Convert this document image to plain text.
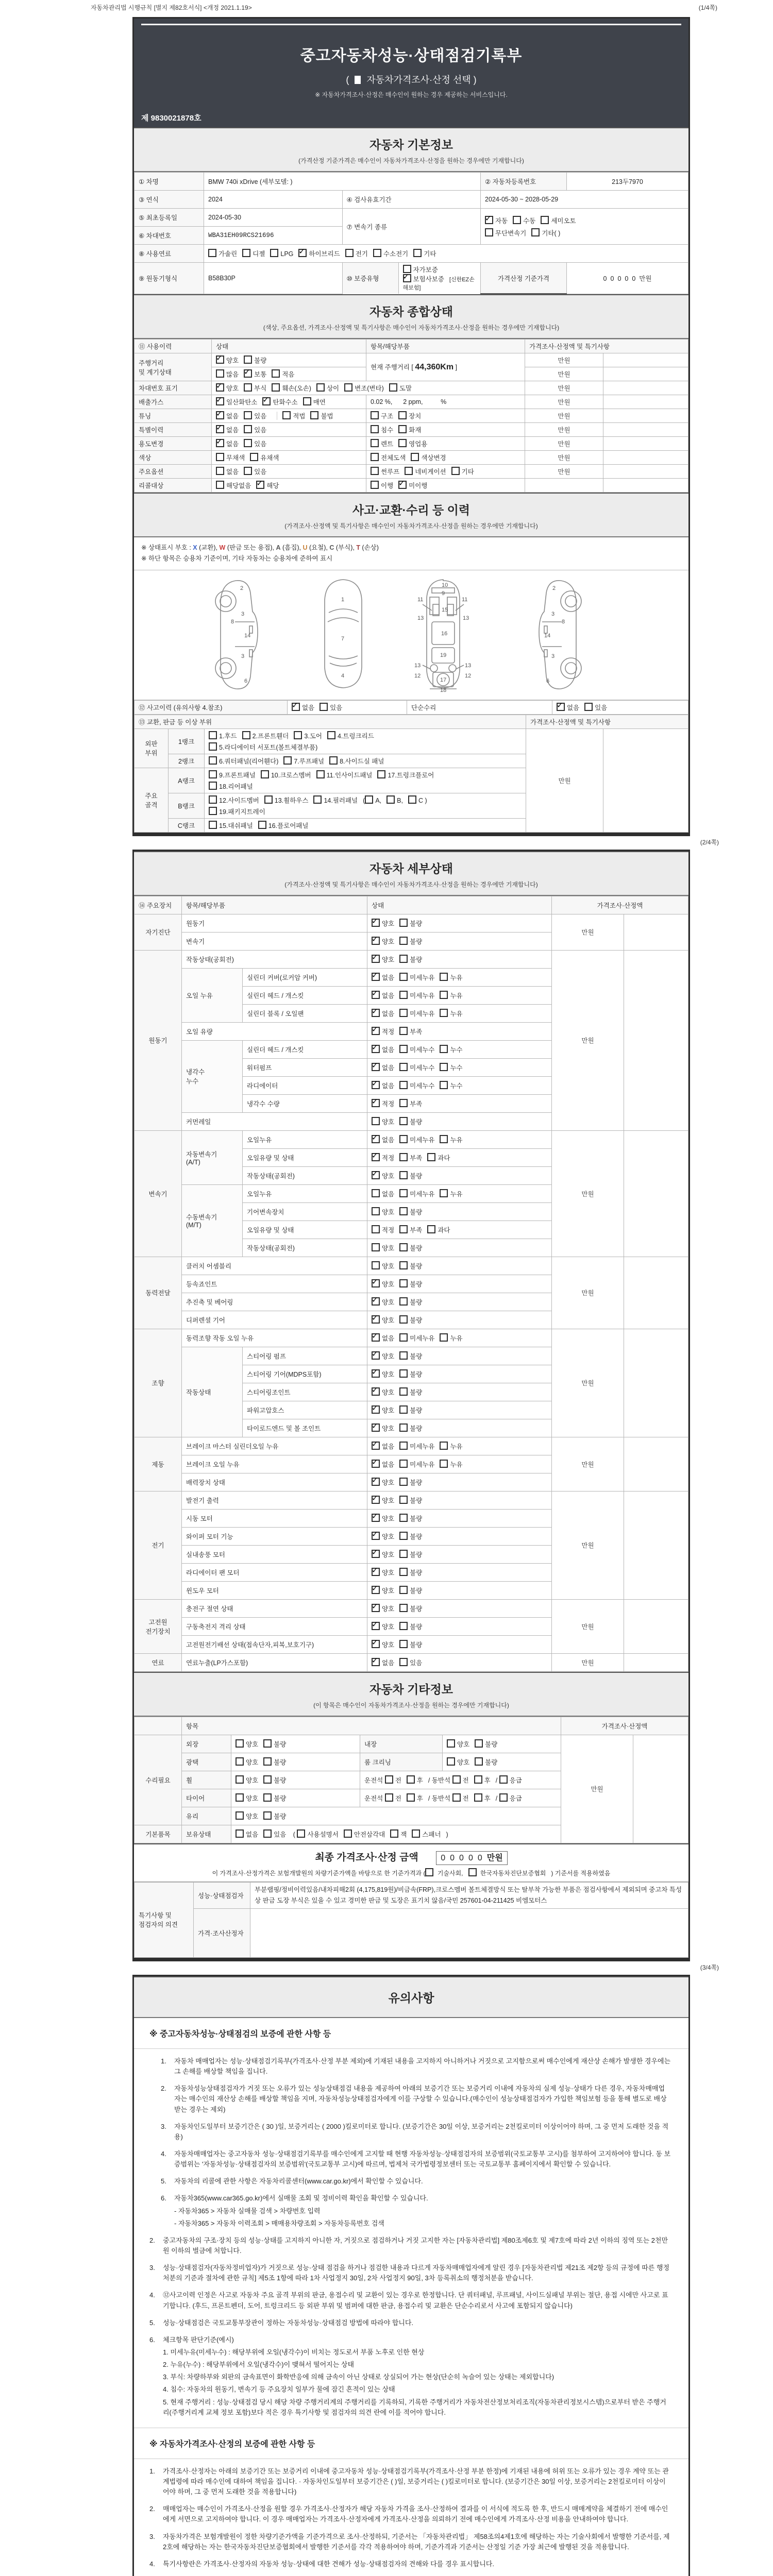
자동차관리법 시행규칙 [별지 제82호서식] <개정 2021.1.19>	(1/4쪽)
중고자동차성능·상태점검기록부
(  자동차가격조사·산정 선택 )
※ 자동차가격조사·산정은 매수인이 원하는 경우 제공하는 서비스입니다.
제 9830021878호
자동차 기본정보
(가격산정 기준가격은 매수인이 자동차가격조사·산정을 원하는 경우에만 기재합니다)
① 차명	BMW 740i xDrive (세부모델: )	② 자동차등록번호	213두7970
③ 연식	2024	④ 검사유효기간	2024-05-30 ~ 2028-05-29
⑤ 최초등록일	2024-05-30	⑦ 변속기 종류	
✓자동 수동 세미오토
무단변속기 기타( )

⑥ 차대번호	WBA31EH09RCS21696
⑧ 사용연료	가솔린 디젤 LPG ✓ 하이브리드 전기 수소전기 기타
⑨ 원동기형식	B58B30P		⑩ 보증유형	자가보증✓보험사보증 [신한EZ손해보험]
	가격산정 기준가격	0 0 0 0 0 만원
자동차 종합상태
(색상, 주요옵션, 가격조사·산정액 및 특기사항은 매수인이 자동차가격조사·산정을 원하는 경우에만 기재합니다)
⑪ 사용이력	상태	항목/해당부품	가격조사·산정액 및 특기사항	
주행거리
및 계기상태	✓양호 불량	현재 주행거리 [ 44,360Km ]	만원	
	많음 ✓ 보통 적음		만원	
차대번호 표기	✓양호 부식 훼손(오손) 상이 변조(변타) 도말		만원	
배출가스	✓일산화탄소 ✓ 탄화수소 매연	0.02 %,      2 ppm,          %	만원	
튜닝	✓없음 있음 적법 불법	구조 장치	만원	
특별이력	✓없음 있음	침수 화재	만원	
용도변경	✓없음 있음	렌트 영업용	만원	
색상	무채색 유채색	전체도색 색상변경	만원	
주요옵션	없음 있음	썬루프 네비게이션 기타	만원	
리콜대상	해당없음 ✓ 해당	이행 ✓ 미이행		
사고·교환·수리 등 이력
(가격조사·산정액 및 특기사항은 매수인이 자동차가격조사·산정을 원하는 경우에만 기재합니다)
※ 상태표시 부호 : X (교환), W (판금 또는 용접), A (흠집), U (요철), C (부식), T (손상)
※ 하단 항목은 승용차 기준이며, 기타 자동차는 승용차에 준하여 표시
2
8
3
14
3
6
1
7
4
11	11
9
10
13	13
15
16
19
13	13
12	12
17
18
2
8
3
14
3
6
⑫ 사고이력 (유의사항 4.참조)	✓없음 있음	단순수리	✓없음 있음
⑬ 교환, 판금 등 이상 부위			가격조사·산정액 및 특기사항	
외판
부위	1랭크	
1.후드 2.프론트휀더 3.도어 4.트렁크리드
5.라디에이터 서포트(볼트체결부품)
	만원	
	2랭크	6.쿼터패널(리어휀다) 7.루프패널 8.사이드실 패널		

주요
골격	A랭크	
9.프론트패널 10.크로스멤버 11.인사이드패널 17.트렁크플로어
18.리어패널

	B랭크	12.사이드멤버 13.휠하우스 14.필러패널 ( A, B, C )
19.패키지트레이		

	C랭크	15.대쉬패널 16.플로어패널		
(2/4쪽)
자동차 세부상태
(가격조사·산정액 및 특기사항은 매수인이 자동차가격조사·산정을 원하는 경우에만 기재합니다)
⑭ 주요장치	항목/해당부품		상태	가격조사·산정액	
자기진단	원동기	✓양호 불량	만원	
	변속기	✓양호 불량
원동기	작동상태(공회전)	✓양호 불량	만원	
	오일 누유	실린더 커버(로커암 커버)	✓없음 미세누유 누유
		실린더 헤드 / 개스킷	✓없음 미세누유 누유
		실린더 블록 / 오일팬	✓없음 미세누유 누유
	오일 유량	✓적정 부족
	냉각수
누수	실린더 헤드 / 개스킷	✓없음 미세누수 누수
		워터펌프	✓없음 미세누수 누수
		라디에이터	✓없음 미세누수 누수
		냉각수 수량	✓적정 부족
	커먼레일		양호 불량		
변속기	자동변속기
(A/T)	오일누유	✓없음 미세누유 누유	만원	
		오일유량 및 상태	✓적정 부족 과다
		작동상태(공회전)	✓양호 불량
	수동변속기
(M/T)	오일누유	없음 미세누유 누유		
		기어변속장치	양호 불량		
		오일유량 및 상태	적정 부족 과다		
		작동상태(공회전)	양호 불량		
동력전달	클러치 어셈블리		양호 불량	만원	
	등속죠인트	✓양호 불량
	추진축 및 베어링	✓양호 불량
	디퍼렌셜 기어	✓양호 불량
조향	동력조향 작동 오일 누유	✓없음 미세누유 누유	만원	
	작동상태	스티어링 펌프	✓양호 불량
		스티어링 기어(MDPS포함)	✓양호 불량
		스티어링조인트	✓양호 불량
		파워고압호스	✓양호 불량
		타이로드엔드 및 볼 조인트	✓양호 불량
제동	브레이크 마스터 실린더오일 누유	✓없음 미세누유 누유	만원	
	브레이크 오일 누유	✓없음 미세누유 누유
	배력장치 상태	✓양호 불량
전기	발전기 출력	✓양호 불량	만원	
	시동 모터	✓양호 불량
	와이퍼 모터 기능	✓양호 불량
	실내송풍 모터	✓양호 불량
	라디에이터 팬 모터	✓양호 불량
	윈도우 모터	✓양호 불량
고전원
전기장치	충전구 절연 상태	✓양호 불량	만원	
	구동축전지 격리 상태	✓양호 불량
	고전원전기배선 상태(접속단자,피복,보호기구)	✓양호 불량
연료	연료누출(LP가스포함)	✓없음 있음	만원	
자동차 기타정보
(이 항목은 매수인이 자동차가격조사·산정을 원하는 경우에만 기재합니다)
	항목				가격조사·산정액	
수리필요	외장	양호 불량	내장	양호 불량	만원	
	광택	양호 불량	룸 크리닝	양호 불량		
	휠	양호 불량	운전석 전 후 / 동반석 전 후 / 응급			
	타이어	양호 불량	운전석 전 후 / 동반석 전 후 / 응급			
	유리	양호 불량				
기본품목	보유상태	없음 있음 ( 사용설명서 안전삼각대 잭 스패너 )				
최종 가격조사·산정 금액	0 0 0 0 0 만원
이 가격조사·산정가격은 보험개발원의 차량기준가액을 바탕으로 한 기준가격과 ( 기술사회,	한국자동차진단보증협회 ) 기준서를 적용하였음
특기사항 및
점검자의 의견	성능·상태점검자	부분랩핑/정비이력있음/내차피해2회 (4,175,819원)/비금속(FRP),크로스멤버 볼트체결방식 또는 탈부착 가능한 부품은 점검사항에서 제외되며 중고차 특성상 판금 도장 부식은 있을 수 있고 경미한 판금 및 도장은 표기치 않음/국민 257601-04-211425 비엠모터스
	가격·조사산정자	
(3/4쪽)
유의사항
※ 중고자동차성능·상태점검의 보증에 관한 사항 등
1.	자동차 매매업자는 성능·상태점검기록부(가격조사·산정 부분 제외)에 기재된 내용을 고지하지 아니하거나 거짓으로 고지함으로써 매수인에게 재산상 손해가 발생한 경우에는 그 손해를 배상할 책임을 집니다.
2.	자동차성능상태점검자가 거짓 또는 오류가 있는 성능상태점검 내용을 제공하여 아래의 보증기간 또는 보증거리 이내에 자동차의 실제 성능·상태가 다른 경우, 자동차매매업자는 매수인의 재산상 손해를 배상할 책임을 지며, 자동차성능상태점검자에게 이를 구상할 수 있습니다.(매수인이 성능상태점검자가 가입한 책임보험 등을 통해 별도로 배상받는 경우는 제외)
3.	자동차인도일부터 보증기간은 ( 30 )일, 보증거리는 ( 2000 )킬로미터로 합니다. (보증기간은 30일 이상, 보증거리는 2천킬로미터 이상이어야 하며, 그 중 먼저 도래한 것을 적용)
4.	자동차매매업자는 중고자동차 성능·상태점검기록부를 매수인에게 고지할 때 현행 자동차성능·상태점검자의 보증범위(국토교통부 고시)를 첨부하여 고지하여야 합니다. 동 보증범위는 '자동차성능·상태점검자의 보증범위'(국토교통부 고시)에 따르며, 법제처 국가법령정보센터 또는 국토교통부 홈페이지에서 확인할 수 있습니다.
5.	자동차의 리콜에 관한 사항은 자동차리콜센터(www.car.go.kr)에서 확인할 수 있습니다.
6.	자동차365(www.car365.go.kr)에서 실매물 조회 및 정비이력 확인을 확인할 수 있습니다.
- 자동차365 > 자동차 실매물 검색 > 차량번호 입력
- 자동차365 > 자동차 이력조회 > 매매용차량조회 > 자동차등록번호 검색
2.	중고자동차의 구조·장치 등의 성능·상태를 고지하지 아니한 자, 거짓으로 점검하거나 거짓 고지한 자는 [자동차관리법] 제80조제6호 및 제7호에 따라 2년 이하의 징역 또는 2천만원 이하의 벌금에 처합니다.
3.	성능·상태점검자(자동차정비업자)가 거짓으로 성능·상태 점검을 하거나 점검한 내용과 다르게 자동차매매업자에게 알린 경우 [자동차관리법 제21조 제2항 등의 규정에 따른 행정처분의 기준과 절차에 관한 규칙] 제5조 1항에 따라 1차 사업정지 30일, 2차 사업정지 90일, 3차 등록취소의 행정처분을 받습니다.
4.	⑫사고이력 인정은 사고로 자동차 주요 골격 부위의 판금, 용접수리 및 교환이 있는 경우로 한정합니다. 단 쿼터패널, 루프패널, 사이드실패널 부위는 절단, 용접 시에만 사고로 표기합니다. (후드, 프론트펜더, 도어, 트렁크리드 등 외판 부위 및 범퍼에 대한 판금, 용접수리 및 교환은 단순수리로서 사고에 포함되지 않습니다)
5.	성능·상태점검은 국토교통부장관이 정하는 자동차성능·상태점검 방법에 따라야 합니다.
6.	체크항목 판단기준(예시)
1. 미세누유(미세누수) : 해당부위에 오일(냉각수)이 비치는 정도로서 부품 노후로 인한 현상
2. 누유(누수) : 해당부위에서 오일(냉각수)이 맺혀서 떨어지는 상태
3. 부식: 차량하부와 외판의 금속표면이 화학반응에 의해 금속이 아닌 상태로 상실되어 가는 현상(단순히 녹슬어 있는 상태는 제외합니다)
4. 침수: 자동차의 원동기, 변속기 등 주요장치 일부가 물에 잠긴 흔적이 있는 상태
5. 현재 주행거리 : 성능·상태점검 당시 해당 차량 주행거리계의 주행거리를 기록하되, 기록한 주행거리가 자동차전산정보처리조직(자동차관리정보시스템)으로부터 받은 주행거리(주행거리계 교체 정보 포함)보다 적은 경우 특기사항 및 점검자의 의견 란에 이를 적어야 합니다.
※ 자동차가격조사·산정의 보증에 관한 사항 등
1.	가격조사·산정자는 아래의 보증기간 또는 보증거리 이내에 중고자동차 성능·상태점검기록부(가격조사·산정 부분 한정)에 기재된 내용에 허위 또는 오류가 있는 경우 계약 또는 관계법령에 따라 매수인에 대하여 책임을 집니다. · 자동차인도일부터 보증기간은 ( )일, 보증거리는 ( )킬로미터로 합니다. (보증기간은 30일 이상, 보증거리는 2천킬로미터 이상이어야 하며, 그 중 먼저 도래한 것을 적용합니다)
2.	매매업자는 매수인이 가격조사·산정을 원할 경우 가격조사·산정자가 해당 자동차 가격을 조사·산정하여 결과를 이 서식에 적도록 한 후, 반드시 매매계약을 체결하기 전에 매수인에게 서면으로 고지하여야 합니다. 이 경우 매매업자는 가격조사·산정자에게 가격조사·산정을 의뢰하기 전에 매수인에게 가격조사·산정 비용을 안내하여야 합니다.
3.	자동차가격은 보험개발원이 정한 차량기준가액을 기준가격으로 조사·산정하되, 기준서는 「자동차관리법」 제58조의4제1호에 해당하는 자는 기술사회에서 발행한 기준서를, 제2호에 해당하는 자는 한국자동차진단보증협회에서 발행한 기준서를 각각 적용하여야 하며, 기준가격과 기준서는 산정일 기준 가장 최근에 발행된 것을 적용합니다.
4.	특기사항란은 가격조사·산정자의 자동차 성능·상태에 대한 견해가 성능·상태점검자의 견해와 다를 경우 표시합니다.
